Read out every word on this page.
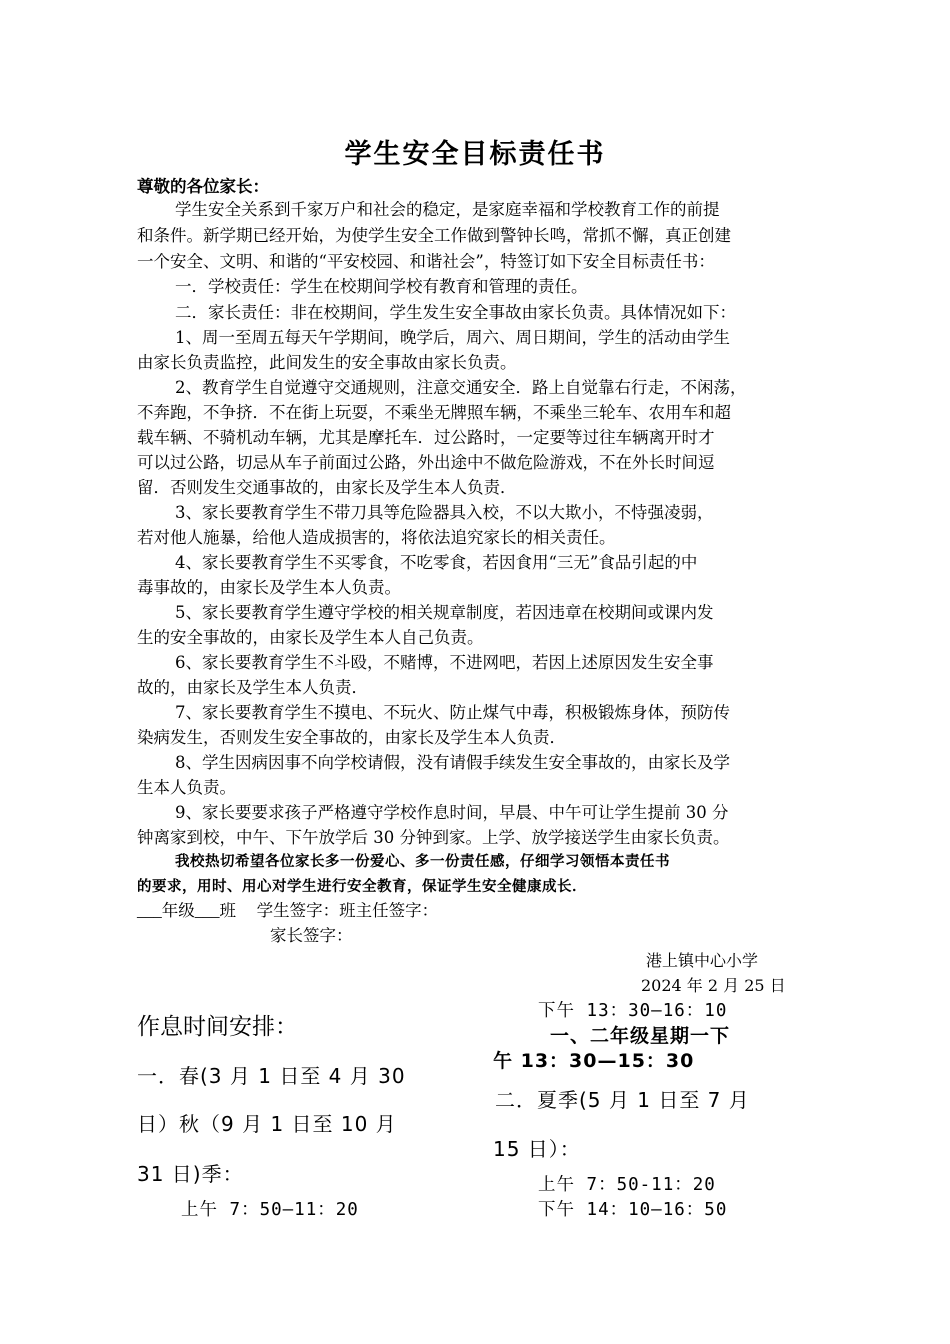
学生安全目标责任书
尊敬的各位家长：
学生安全关系到千家万户和社会的稳定，是家庭幸福和学校教育工作的前提
和条件。新学期已经开始，为使学生安全工作做到警钟长鸣，常抓不懈，真正创建
一个安全、文明、和谐的“平安校园、和谐社会”，特签订如下安全目标责任书：
一．学校责任：学生在校期间学校有教育和管理的责任。
二．家长责任：非在校期间，学生发生安全事故由家长负责。具体情况如下：
1、周一至周五每天午学期间，晚学后，周六、周日期间，学生的活动由学生
由家长负责监控，此间发生的安全事故由家长负责。
2、教育学生自觉遵守交通规则，注意交通安全．路上自觉靠右行走，不闲荡，
不奔跑，不争挤．不在街上玩耍，不乘坐无牌照车辆，不乘坐三轮车、农用车和超
载车辆、不骑机动车辆，尤其是摩托车．过公路时，一定要等过往车辆离开时才
可以过公路，切忌从车子前面过公路，外出途中不做危险游戏，不在外长时间逗
留．否则发生交通事故的，由家长及学生本人负责．
3、家长要教育学生不带刀具等危险器具入校，不以大欺小，不恃强凌弱，
若对他人施暴，给他人造成损害的，将依法追究家长的相关责任。
4、家长要教育学生不买零食，不吃零食，若因食用“三无”食品引起的中
毒事故的，由家长及学生本人负责。
5、家长要教育学生遵守学校的相关规章制度，若因违章在校期间或课内发
生的安全事故的，由家长及学生本人自己负责。
6、家长要教育学生不斗殴，不赌博，不进网吧，若因上述原因发生安全事
故的，由家长及学生本人负责．
7、家长要教育学生不摸电、不玩火、防止煤气中毒，积极锻炼身体，预防传
染病发生，否则发生安全事故的，由家长及学生本人负责．
8、学生因病因事不向学校请假，没有请假手续发生安全事故的，由家长及学
生本人负责。
9、家长要要求孩子严格遵守学校作息时间，早晨、中午可让学生提前 30 分
钟离家到校，中午、下午放学后 30 分钟到家。上学、放学接送学生由家长负责。
我校热切希望各位家长多一份爱心、多一份责任感，仔细学习领悟本责任书
的要求，用时、用心对学生进行安全教育，保证学生安全健康成长．
___年级___班　 学生签字：班主任签字：
家长签字：
港上镇中心小学
2024 年 2 月 25 日
作息时间安排：
一．春(3 月 1 日至 4 月 30
日）秋（9 月 1 日至 10 月
31 日)季：
上午 7：50—11：20
下午 13：30—16：10
一、二年级星期一下
午 13：30—15：30
二．夏季(5 月 1 日至 7 月
15 日）：
上午 7：50-11：20
下午 14：10—16：50
